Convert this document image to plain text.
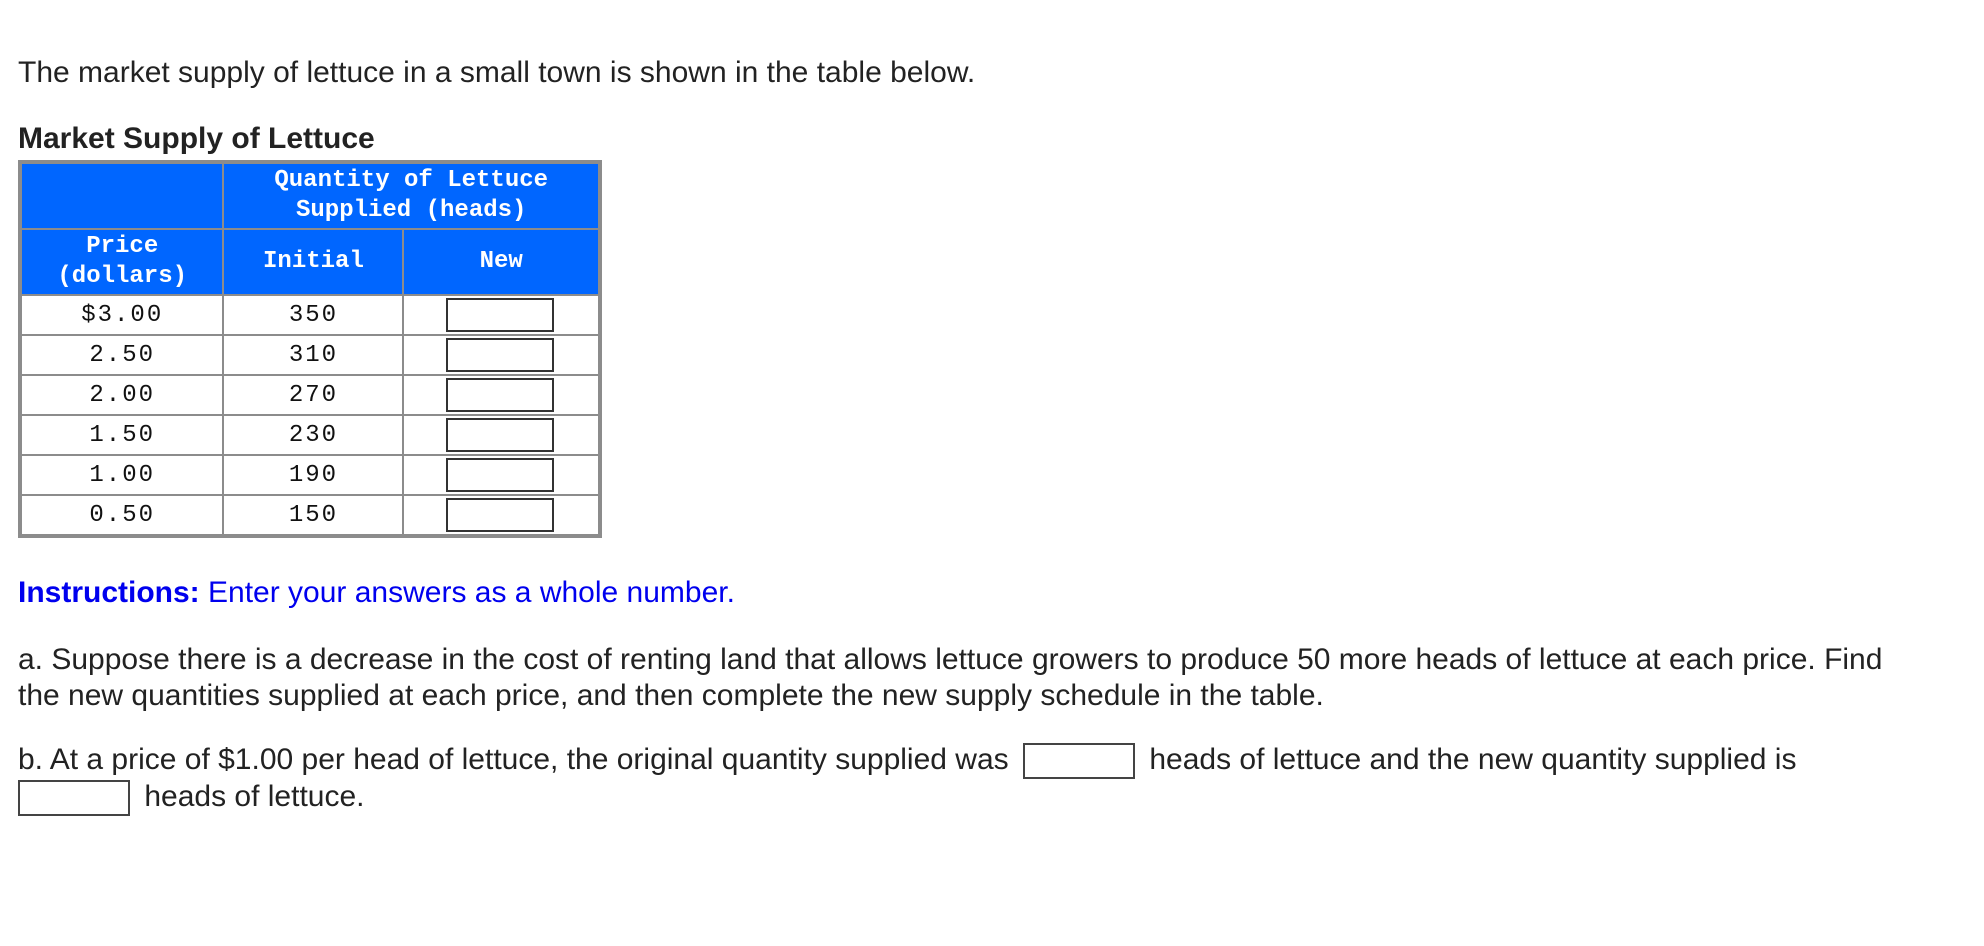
The market supply of lettuce in a small town is shown in the table below.

Market Supply of Lettuce
	Quantity of Lettuce Supplied (heads)	
Price (dollars)	Initial	New
$3.00	350	

2.50	310	

2.00	270	

1.50	230	

1.00	190	

0.50	150	

Instructions: Enter your answers as a whole number.

a. Suppose there is a decrease in the cost of renting land that allows lettuce growers to produce 50 more heads of lettuce at each price. Find the new quantities supplied at each price, and then complete the new supply schedule in the table.

b. At a price of $1.00 per head of lettuce, the original quantity supplied was	heads of lettuce and the new quantity supplied is  heads of lettuce.
